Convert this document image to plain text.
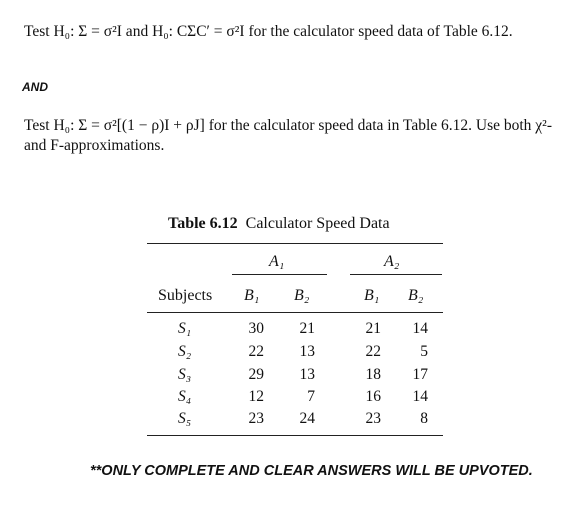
Test H₀: Σ = σ²I and H₀: CΣC′ = σ²I for the calculator speed data of Table 6.12.
AND
Test H₀: Σ = σ²[(1 − ρ)I + ρJ] for the calculator speed data in Table 6.12. Use both χ²- and F-approximations.
Table 6.12 Calculator Speed Data
A₁	A₂
Subjects B₁ B₂	B₁ B₂
S₁	30	21	21	14
S₂	22	13	22	5
S₃	29	13	18	17
S₄	12	7	16	14
S₅	23	24	23	8
**ONLY COMPLETE AND CLEAR ANSWERS WILL BE UPVOTED.
